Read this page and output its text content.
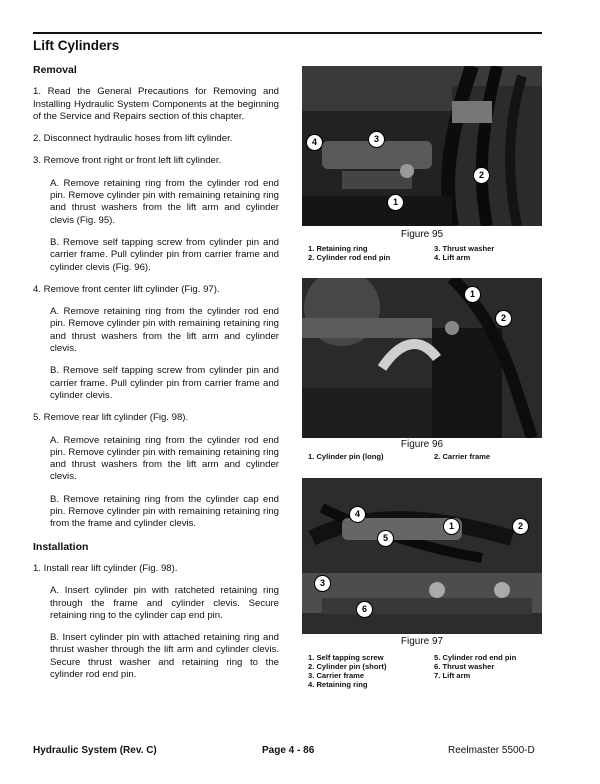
Lift Cylinders
Removal
1. Read the General Precautions for Removing and Installing Hydraulic System Components at the beginning of the Service and Repairs section of this chapter.
2. Disconnect hydraulic hoses from lift cylinder.
3. Remove front right or front left lift cylinder.
A. Remove retaining ring from the cylinder rod end pin. Remove cylinder pin with remaining retaining ring and thrust washers from the lift arm and cylinder clevis (Fig. 95).
B. Remove self tapping screw from cylinder pin and carrier frame. Pull cylinder pin from carrier frame and cylinder clevis (Fig. 96).
4. Remove front center lift cylinder (Fig. 97).
A. Remove retaining ring from the cylinder rod end pin. Remove cylinder pin with remaining retaining ring and thrust washers from the lift arm and cylinder clevis.
B. Remove self tapping screw from cylinder pin and carrier frame. Pull cylinder pin from carrier frame and cylinder clevis.
5. Remove rear lift cylinder (Fig. 98).
A. Remove retaining ring from the cylinder rod end pin. Remove cylinder pin with remaining retaining ring and thrust washers from the lift arm and cylinder clevis.
B. Remove retaining ring from the cylinder cap end pin. Remove cylinder pin with remaining retaining ring from the frame and cylinder clevis.
Installation
1. Install rear lift cylinder (Fig. 98).
A. Insert cylinder pin with ratcheted retaining ring through the frame and cylinder clevis. Secure retaining ring to the cylinder cap end pin.
B. Insert cylinder pin with attached retaining ring and thrust washer through the lift arm and cylinder clevis. Secure thrust washer and retaining ring to the cylinder rod end pin.
4	3
2
1
Figure 95
1. Retaining ring	3. Thrust washer
2. Cylinder rod end pin	4. Lift arm
1
2
Figure 96
1. Cylinder pin (long)	2. Carrier frame
4
1	2
5
3
6
Figure 97
1. Self tapping screw	5. Cylinder rod end pin
2. Cylinder pin (short)	6. Thrust washer
3. Carrier frame	7. Lift arm
4. Retaining ring
Hydraulic System (Rev. C)	Page 4 - 86	Reelmaster 5500-D
